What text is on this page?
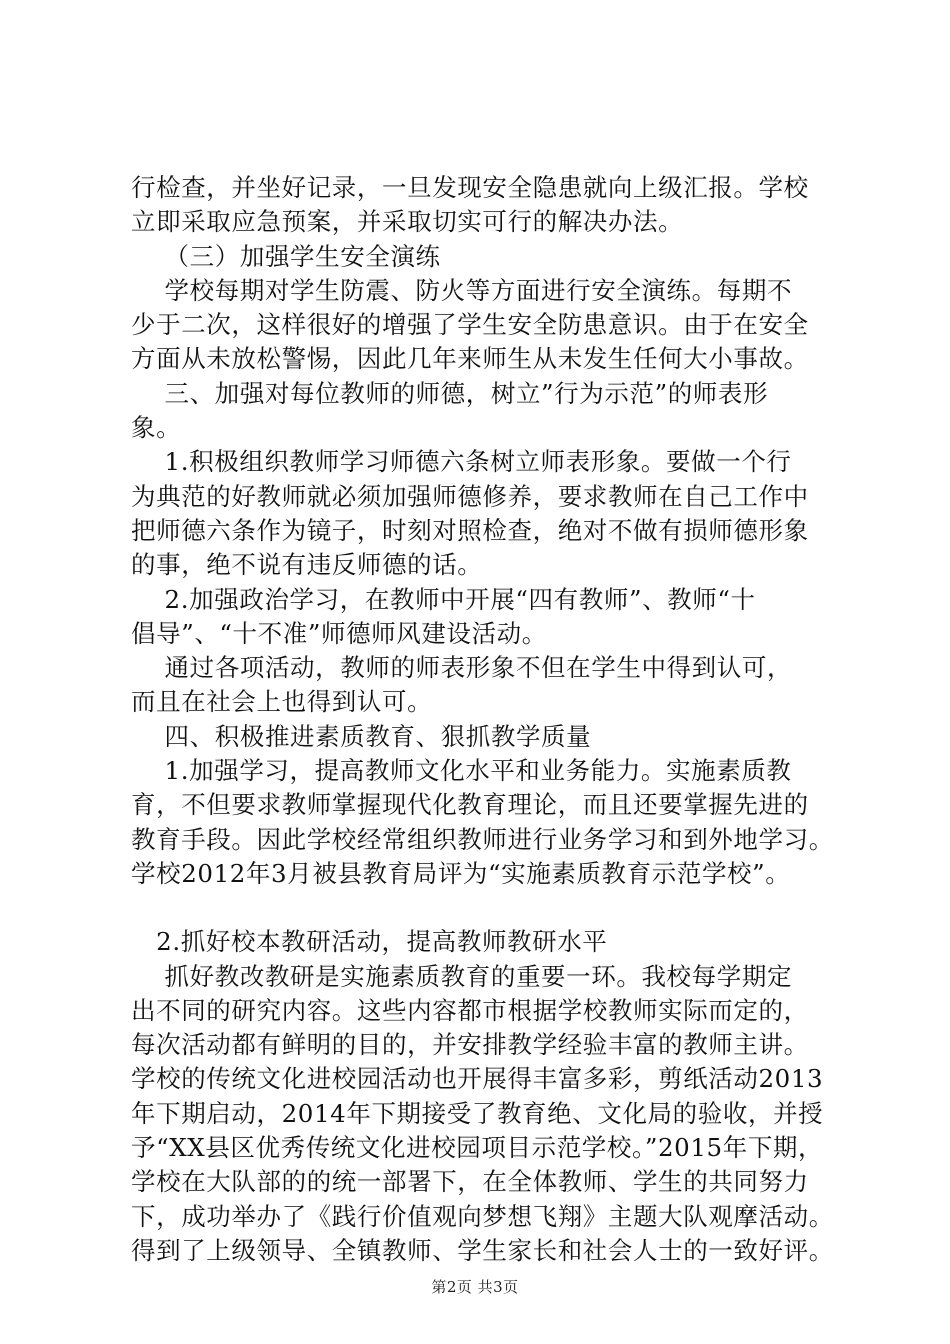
行检查，并坐好记录，一旦发现安全隐患就向上级汇报。学校
立即采取应急预案，并采取切实可行的解决办法。
（三）加强学生安全演练
学校每期对学生防震、防火等方面进行安全演练。每期不
少于二次，这样很好的增强了学生安全防患意识。由于在安全
方面从未放松警惕，因此几年来师生从未发生任何大小事故。
三、加强对每位教师的师德，树立”行为示范”的师表形
象。
1.积极组织教师学习师德六条树立师表形象。要做一个行
为典范的好教师就必须加强师德修养，要求教师在自己工作中
把师德六条作为镜子，时刻对照检查，绝对不做有损师德形象
的事，绝不说有违反师德的话。
2.加强政治学习，在教师中开展“四有教师”、教师“十
倡导”、“十不准”师德师风建设活动。
通过各项活动，教师的师表形象不但在学生中得到认可，
而且在社会上也得到认可。
四、积极推进素质教育、狠抓教学质量
1.加强学习，提高教师文化水平和业务能力。实施素质教
育，不但要求教师掌握现代化教育理论，而且还要掌握先进的
教育手段。因此学校经常组织教师进行业务学习和到外地学习。
学校2012年3月被县教育局评为“实施素质教育示范学校”。
2.抓好校本教研活动，提高教师教研水平
抓好教改教研是实施素质教育的重要一环。我校每学期定
出不同的研究内容。这些内容都市根据学校教师实际而定的，
每次活动都有鲜明的目的，并安排教学经验丰富的教师主讲。
学校的传统文化进校园活动也开展得丰富多彩，剪纸活动2013
年下期启动，2014年下期接受了教育绝、文化局的验收，并授
予“XX县区优秀传统文化进校园项目示范学校。”2015年下期，
学校在大队部的的统一部署下，在全体教师、学生的共同努力
下，成功举办了《践行价值观向梦想飞翔》主题大队观摩活动。
得到了上级领导、全镇教师、学生家长和社会人士的一致好评。
第2页 共3页
